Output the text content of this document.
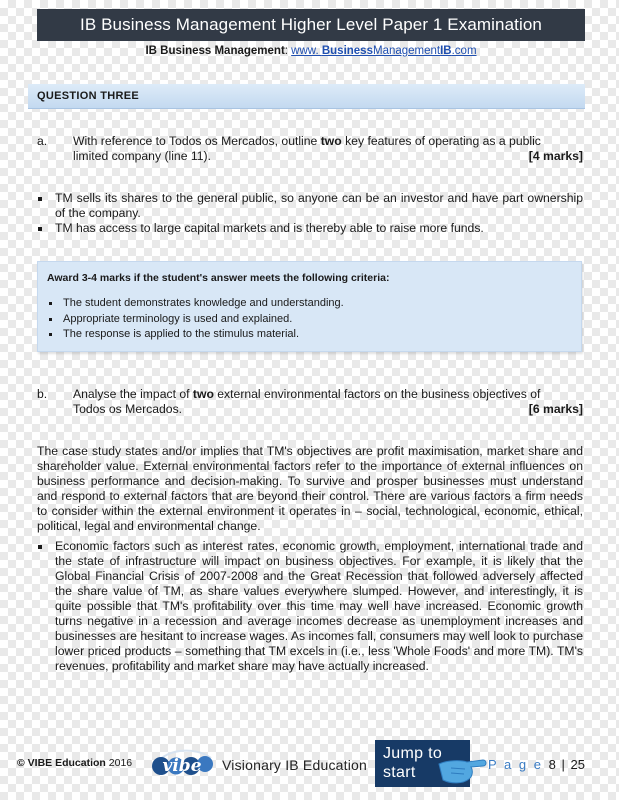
IB Business Management Higher Level Paper 1 Examination
IB Business Management: www. BusinessManagementIB.com
QUESTION THREE
a. With reference to Todos os Mercados, outline two key features of operating as a public
limited company (line 11).	[4 marks]
TM sells its shares to the general public, so anyone can be an investor and have part ownership of the company.
TM has access to large capital markets and is thereby able to raise more funds.
Award 3-4 marks if the student's answer meets the following criteria:
The student demonstrates knowledge and understanding.
Appropriate terminology is used and explained.
The response is applied to the stimulus material.
b. Analyse the impact of two external environmental factors on the business objectives of
Todos os Mercados.	[6 marks]
The case study states and/or implies that TM's objectives are profit maximisation, market share and shareholder value. External environmental factors refer to the importance of external influences on business performance and decision-making. To survive and prosper businesses must understand and respond to external factors that are beyond their control. There are various factors a firm needs to consider within the external environment it operates in – social, technological, economic, ethical, political, legal and environmental change.
Economic factors such as interest rates, economic growth, employment, international trade and the state of infrastructure will impact on business objectives. For example, it is likely that the Global Financial Crisis of 2007-2008 and the Great Recession that followed adversely affected the share value of TM, as share values everywhere slumped. However, and interestingly, it is quite possible that TM's profitability over this time may well have increased. Economic growth turns negative in a recession and average incomes decrease as unemployment increases and businesses are hesitant to increase wages. As incomes fall, consumers may well look to purchase lower priced products – something that TM excels in (i.e., less 'Whole Foods' and more TM). TM's revenues, profitability and market share may have actually increased.
© VIBE Education 2016 vibe Visionary IB Education
Jump to
start	P a g e 8 | 25
